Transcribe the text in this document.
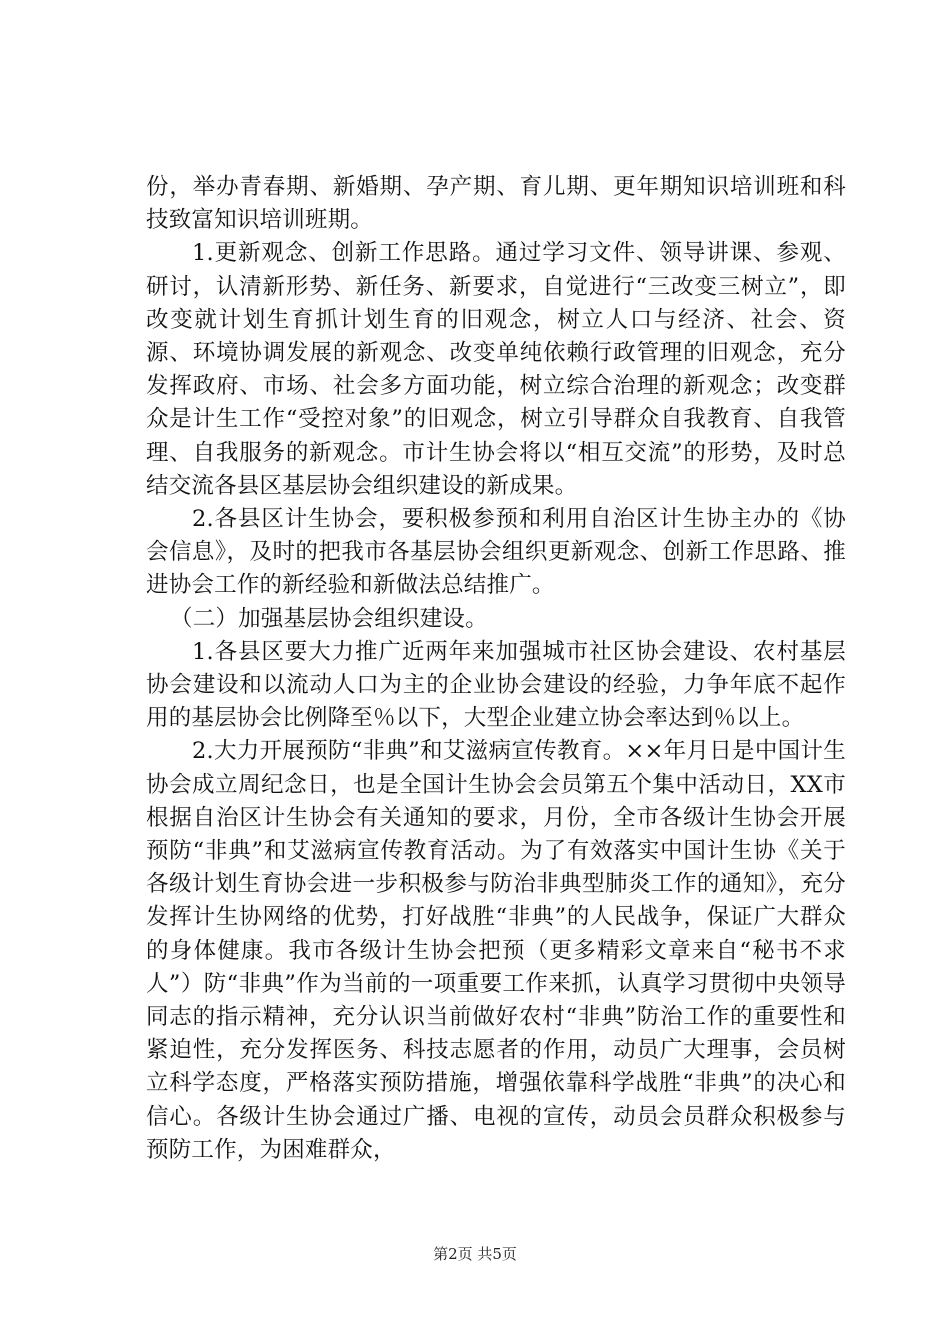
份，举办青春期、新婚期、孕产期、育儿期、更年期知识培训班和科技致富知识培训班期。

1.更新观念、创新工作思路。通过学习文件、领导讲课、参观、研讨，认清新形势、新任务、新要求，自觉进行“三改变三树立”，即改变就计划生育抓计划生育的旧观念，树立人口与经济、社会、资源、环境协调发展的新观念、改变单纯依赖行政管理的旧观念，充分发挥政府、市场、社会多方面功能，树立综合治理的新观念；改变群众是计生工作“受控对象”的旧观念，树立引导群众自我教育、自我管理、自我服务的新观念。市计生协会将以“相互交流”的形势，及时总结交流各县区基层协会组织建设的新成果。

2.各县区计生协会，要积极参预和利用自治区计生协主办的《协会信息》，及时的把我市各基层协会组织更新观念、创新工作思路、推进协会工作的新经验和新做法总结推广。

（二）加强基层协会组织建设。

1.各县区要大力推广近两年来加强城市社区协会建设、农村基层协会建设和以流动人口为主的企业协会建设的经验，力争年底不起作用的基层协会比例降至％以下，大型企业建立协会率达到％以上。

2.大力开展预防“非典”和艾滋病宣传教育。××年月日是中国计生协会成立周纪念日，也是全国计生协会会员第五个集中活动日，XX市根据自治区计生协会有关通知的要求，月份，全市各级计生协会开展预防“非典”和艾滋病宣传教育活动。为了有效落实中国计生协《关于各级计划生育协会进一步积极参与防治非典型肺炎工作的通知》，充分发挥计生协网络的优势，打好战胜“非典”的人民战争，保证广大群众的身体健康。我市各级计生协会把预（更多精彩文章来自“秘书不求人”）防“非典”作为当前的一项重要工作来抓，认真学习贯彻中央领导同志的指示精神，充分认识当前做好农村“非典”防治工作的重要性和紧迫性，充分发挥医务、科技志愿者的作用，动员广大理事，会员树立科学态度，严格落实预防措施，增强依靠科学战胜“非典”的决心和信心。各级计生协会通过广播、电视的宣传，动员会员群众积极参与预防工作，为困难群众，

第2页 共5页
